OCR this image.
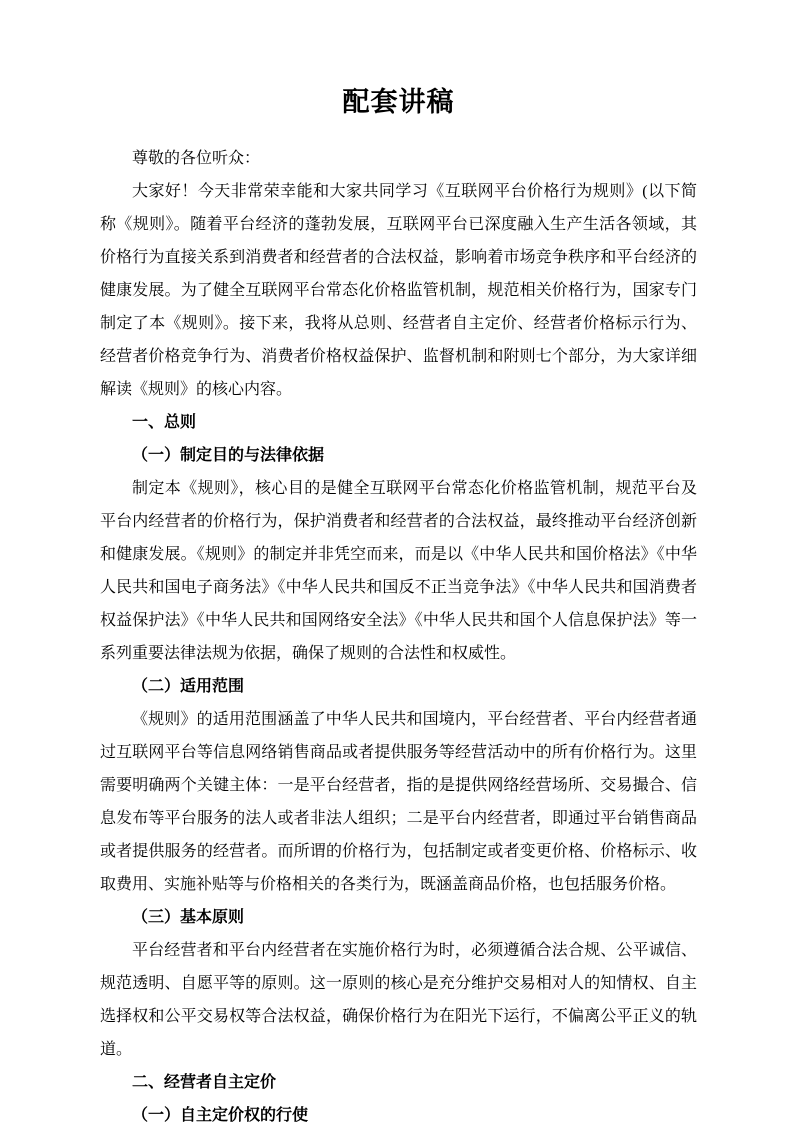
配套讲稿

尊敬的各位听众：

大家好！今天非常荣幸能和大家共同学习《互联网平台价格行为规则》(以下简称《规则》。随着平台经济的蓬勃发展，互联网平台已深度融入生产生活各领域，其价格行为直接关系到消费者和经营者的合法权益，影响着市场竞争秩序和平台经济的健康发展。为了健全互联网平台常态化价格监管机制，规范相关价格行为，国家专门制定了本《规则》。接下来，我将从总则、经营者自主定价、经营者价格标示行为、经营者价格竞争行为、消费者价格权益保护、监督机制和附则七个部分，为大家详细解读《规则》的核心内容。

一、总则
（一）制定目的与法律依据

制定本《规则》，核心目的是健全互联网平台常态化价格监管机制，规范平台及平台内经营者的价格行为，保护消费者和经营者的合法权益，最终推动平台经济创新和健康发展。《规则》的制定并非凭空而来，而是以《中华人民共和国价格法》《中华人民共和国电子商务法》《中华人民共和国反不正当竞争法》《中华人民共和国消费者权益保护法》《中华人民共和国网络安全法》《中华人民共和国个人信息保护法》等一系列重要法律法规为依据，确保了规则的合法性和权威性。

（二）适用范围

《规则》的适用范围涵盖了中华人民共和国境内，平台经营者、平台内经营者通过互联网平台等信息网络销售商品或者提供服务等经营活动中的所有价格行为。这里需要明确两个关键主体：一是平台经营者，指的是提供网络经营场所、交易撮合、信息发布等平台服务的法人或者非法人组织；二是平台内经营者，即通过平台销售商品或者提供服务的经营者。而所谓的价格行为，包括制定或者变更价格、价格标示、收取费用、实施补贴等与价格相关的各类行为，既涵盖商品价格，也包括服务价格。

（三）基本原则

平台经营者和平台内经营者在实施价格行为时，必须遵循合法合规、公平诚信、规范透明、自愿平等的原则。这一原则的核心是充分维护交易相对人的知情权、自主选择权和公平交易权等合法权益，确保价格行为在阳光下运行，不偏离公平正义的轨道。

二、经营者自主定价
（一）自主定价权的行使
